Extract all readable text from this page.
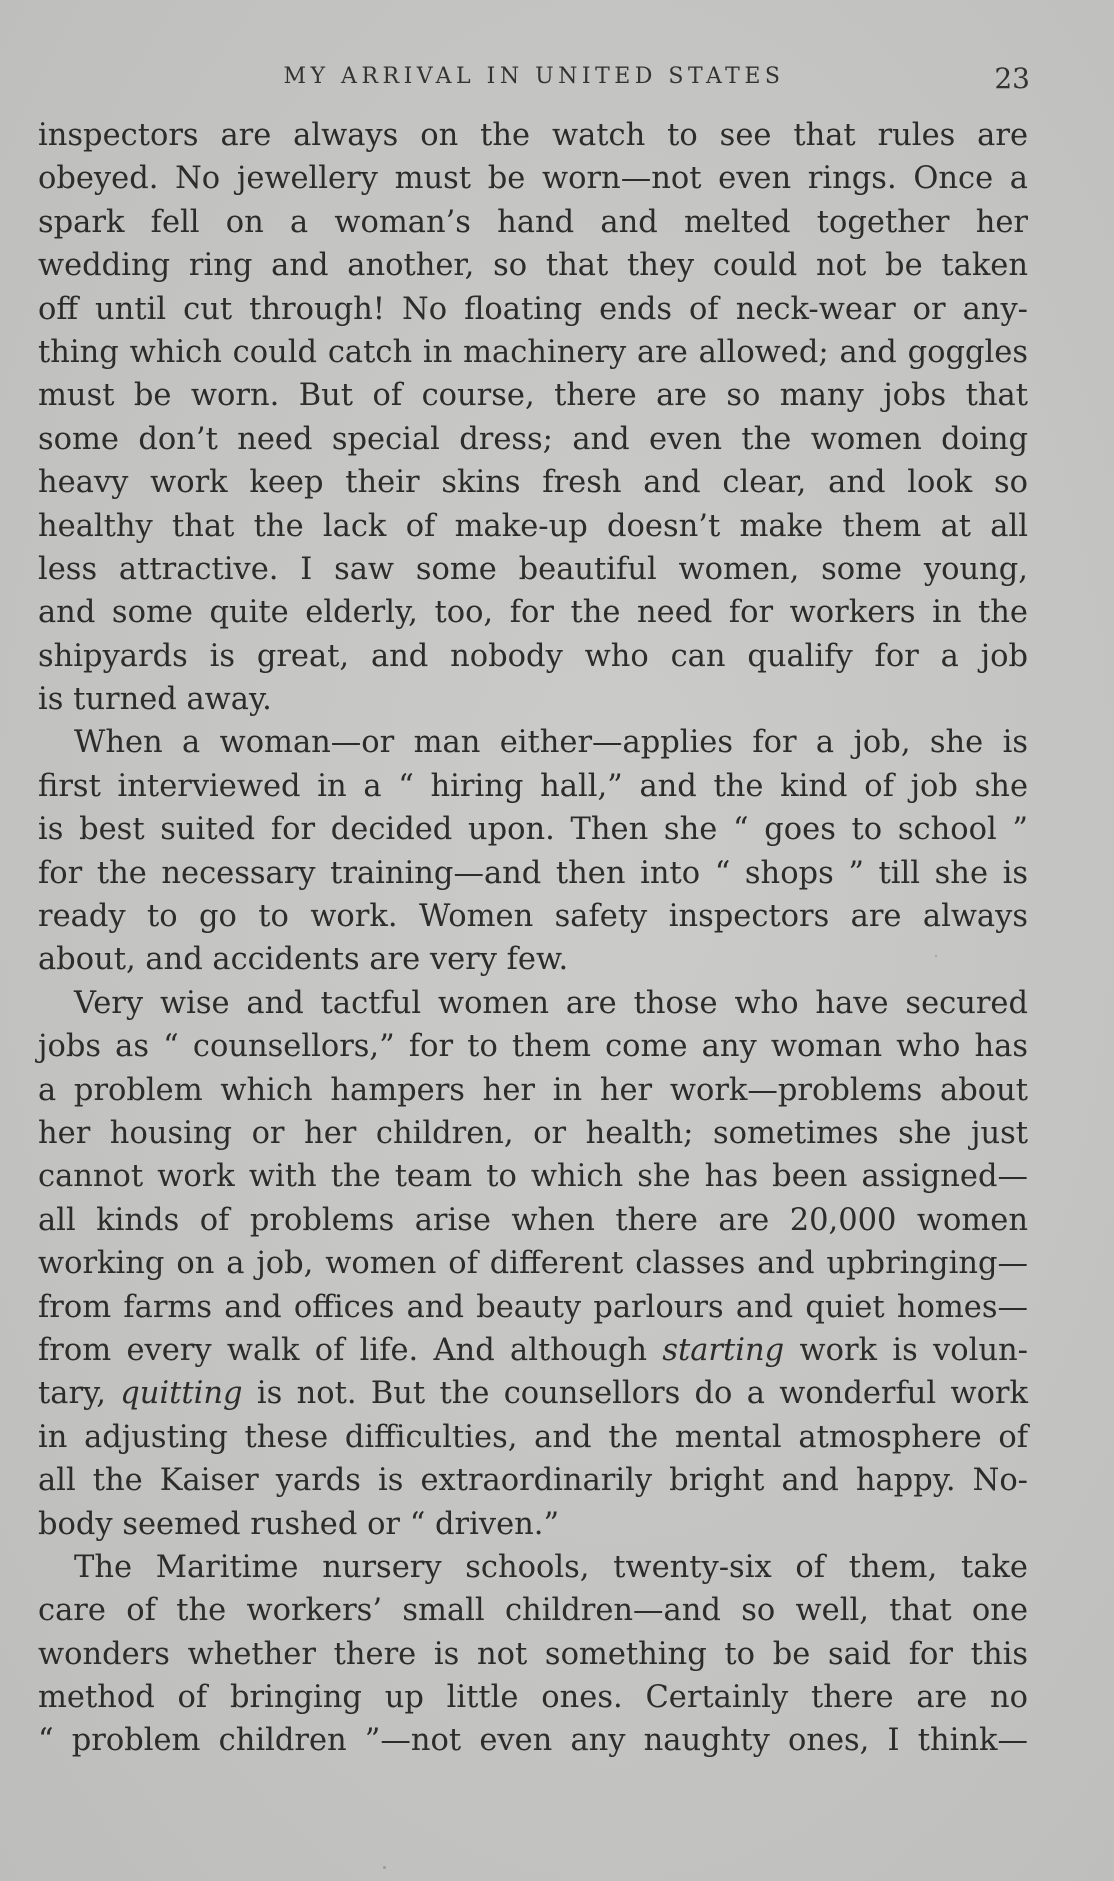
MY ARRIVAL IN UNITED STATES	23
inspectors are always on the watch to see that rules are
obeyed. No jewellery must be worn—not even rings. Once a
spark fell on a woman’s hand and melted together her
wedding ring and another, so that they could not be taken
off until cut through! No floating ends of neck-wear or any-
thing which could catch in machinery are allowed; and goggles
must be worn. But of course, there are so many jobs that
some don’t need special dress; and even the women doing
heavy work keep their skins fresh and clear, and look so
healthy that the lack of make-up doesn’t make them at all
less attractive. I saw some beautiful women, some young,
and some quite elderly, too, for the need for workers in the
shipyards is great, and nobody who can qualify for a job
is turned away.
When a woman—or man either—applies for a job, she is
first interviewed in a “ hiring hall,” and the kind of job she
is best suited for decided upon. Then she “ goes to school ”
for the necessary training—and then into “ shops ” till she is
ready to go to work. Women safety inspectors are always
about, and accidents are very few.
Very wise and tactful women are those who have secured
jobs as “ counsellors,” for to them come any woman who has
a problem which hampers her in her work—problems about
her housing or her children, or health; sometimes she just
cannot work with the team to which she has been assigned—
all kinds of problems arise when there are 20,000 women
working on a job, women of different classes and upbringing—
from farms and offices and beauty parlours and quiet homes—
from every walk of life. And although starting work is volun-
tary, quitting is not. But the counsellors do a wonderful work
in adjusting these difficulties, and the mental atmosphere of
all the Kaiser yards is extraordinarily bright and happy. No-
body seemed rushed or “ driven.”
The Maritime nursery schools, twenty-six of them, take
care of the workers’ small children—and so well, that one
wonders whether there is not something to be said for this
method of bringing up little ones. Certainly there are no
“ problem children ”—not even any naughty ones, I think—
